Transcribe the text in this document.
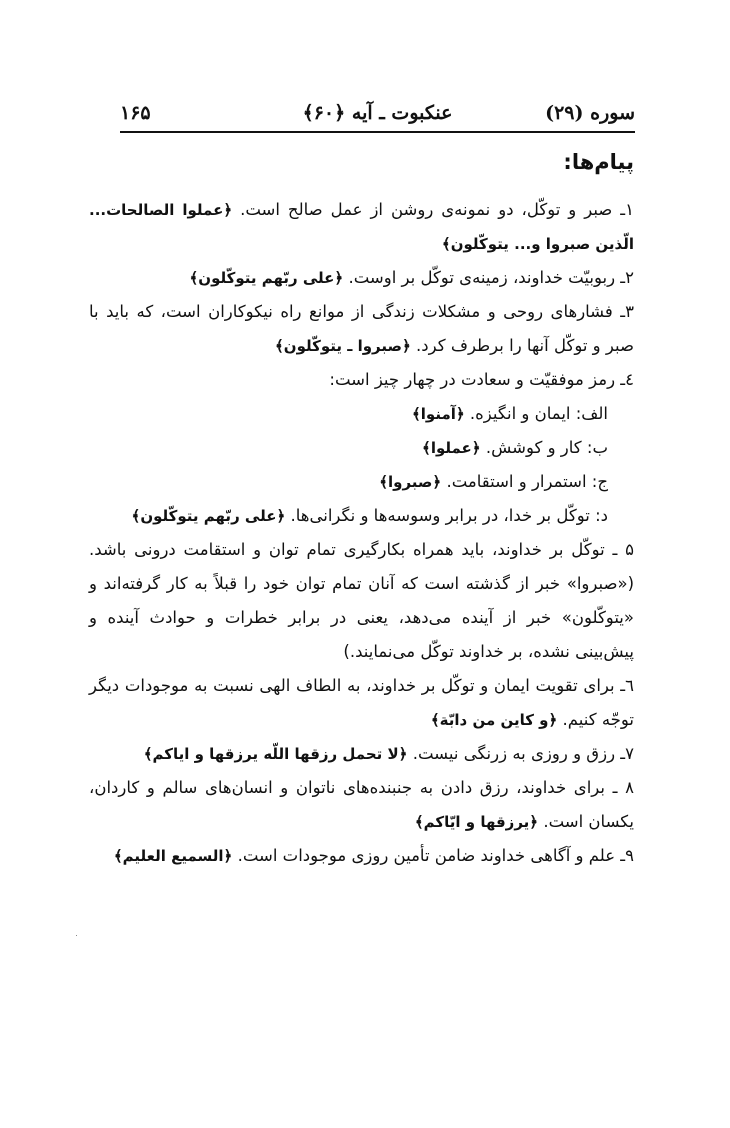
سوره (۲۹)
عنکبوت ـ آیه ﴿۶۰﴾
۱۶۵
پیام‌ها:
۱ـ صبر و توکّل، دو نمونه‌ی روشن از عمل صالح است. ﴿عملوا الصالحات... الّذین صبروا و... یتوکّلون﴾
۲ـ ربوبیّت خداوند، زمینه‌ی توکّل بر اوست. ﴿علی ربّهم یتوکّلون﴾
۳ـ فشارهای روحی و مشکلات زندگی از موانع راه نیکوکاران است، که باید با صبر و توکّل آنها را برطرف کرد. ﴿صبروا ـ یتوکّلون﴾
٤ـ رمز موفقیّت و سعادت در چهار چیز است:
الف: ایمان و انگیزه. ﴿آمنوا﴾
ب: کار و کوشش. ﴿عملوا﴾
ج: استمرار و استقامت. ﴿صبروا﴾
د: توکّل بر خدا، در برابر وسوسه‌ها و نگرانی‌ها. ﴿علی ربّهم یتوکّلون﴾
۵ ـ توکّل بر خداوند، باید همراه بکارگیری تمام توان و استقامت درونی باشد. («صبروا» خبر از گذشته است که آنان تمام توان خود را قبلاً به کار گرفته‌اند و «یتوکّلون» خبر از آینده می‌دهد، یعنی در برابر خطرات و حوادث آینده و پیش‌بینی نشده، بر خداوند توکّل می‌نمایند.)
٦ـ برای تقویت ایمان و توکّل بر خداوند، به الطاف الهی نسبت به موجودات دیگر توجّه کنیم. ﴿و کاین من دابّة﴾
۷ـ رزق و روزی به زرنگی نیست. ﴿لا تحمل رزقها اللّه یرزقها و ایاکم﴾
۸ ـ برای خداوند، رزق دادن به جنبنده‌های ناتوان و انسان‌های سالم و کاردان، یکسان است. ﴿یرزقها و ایّاکم﴾
۹ـ علم و آگاهی خداوند ضامن تأمین روزی موجودات است. ﴿السمیع العلیم﴾
